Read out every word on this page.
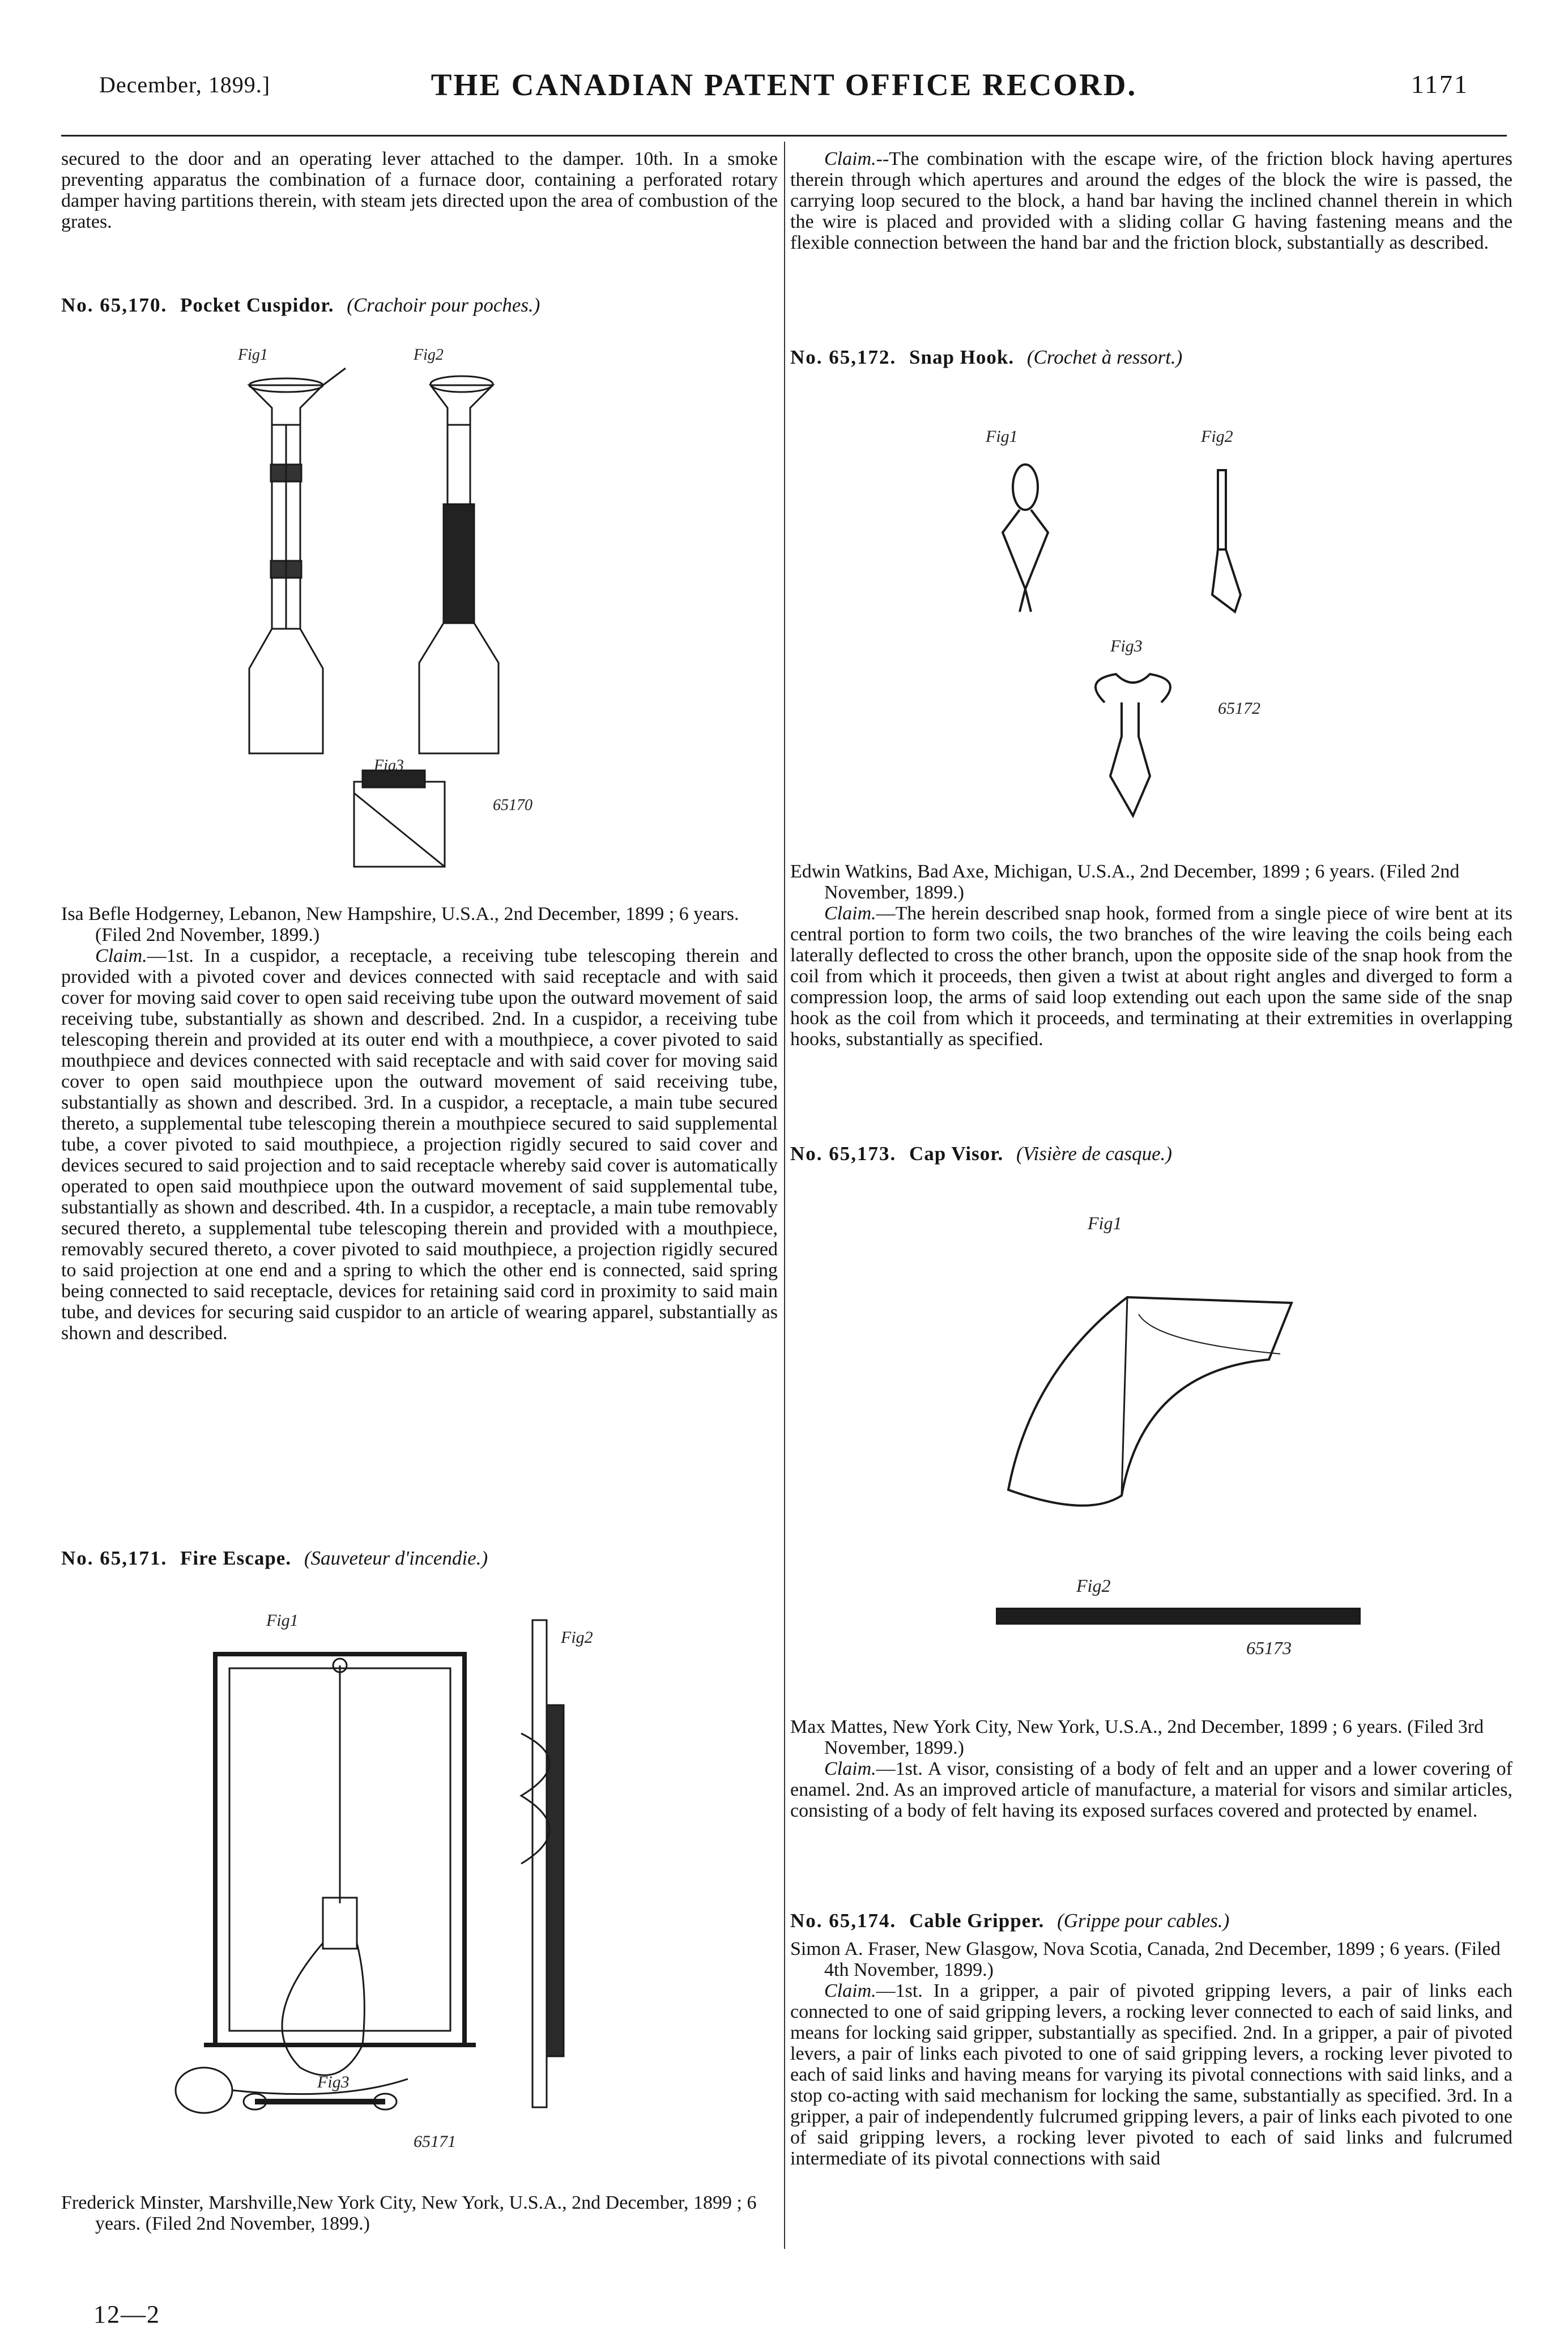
December, 1899.]	THE CANADIAN PATENT OFFICE RECORD.	1171

secured to the door and an operating lever attached to the damper. 10th. In a smoke preventing apparatus the combination of a furnace door, containing a perforated rotary damper having partitions therein, with steam jets directed upon the area of combustion of the grates.

No. 65,170. Pocket Cuspidor. (Crachoir pour poches.)

Fig1	Fig2
Fig3
65170

Isa Befle Hodgerney, Lebanon, New Hampshire, U.S.A., 2nd December, 1899 ; 6 years. (Filed 2nd November, 1899.)

Claim.—1st. In a cuspidor, a receptacle, a receiving tube telescoping therein and provided with a pivoted cover and devices connected with said receptacle and with said cover for moving said cover to open said receiving tube upon the outward movement of said receiving tube, substantially as shown and described. 2nd. In a cuspidor, a receiving tube telescoping therein and provided at its outer end with a mouthpiece, a cover pivoted to said mouthpiece and devices connected with said receptacle and with said cover for moving said cover to open said mouthpiece upon the outward movement of said receiving tube, substantially as shown and described. 3rd. In a cuspidor, a receptacle, a main tube secured thereto, a supplemental tube telescoping therein a mouthpiece secured to said supplemental tube, a cover pivoted to said mouthpiece, a projection rigidly secured to said cover and devices secured to said projection and to said receptacle whereby said cover is automatically operated to open said mouthpiece upon the outward movement of said supplemental tube, substantially as shown and described. 4th. In a cuspidor, a receptacle, a main tube removably secured thereto, a supplemental tube telescoping therein and provided with a mouthpiece, removably secured thereto, a cover pivoted to said mouthpiece, a projection rigidly secured to said projection at one end and a spring to which the other end is connected, said spring being connected to said receptacle, devices for retaining said cord in proximity to said main tube, and devices for securing said cuspidor to an article of wearing apparel, substantially as shown and described.

No. 65,171. Fire Escape. (Sauveteur d'incendie.)

Fig1
Fig2
Fig3
65171

Frederick Minster, Marshville,New York City, New York, U.S.A., 2nd December, 1899 ; 6 years. (Filed 2nd November, 1899.)

12—2

Claim.--The combination with the escape wire, of the friction block having apertures therein through which apertures and around the edges of the block the wire is passed, the carrying loop secured to the block, a hand bar having the inclined channel therein in which the wire is placed and provided with a sliding collar G having fastening means and the flexible connection between the hand bar and the friction block, substantially as described.

No. 65,172. Snap Hook. (Crochet à ressort.)

Fig1	Fig2
Fig3
65172

Edwin Watkins, Bad Axe, Michigan, U.S.A., 2nd December, 1899 ; 6 years. (Filed 2nd November, 1899.)

Claim.—The herein described snap hook, formed from a single piece of wire bent at its central portion to form two coils, the two branches of the wire leaving the coils being each laterally deflected to cross the other branch, upon the opposite side of the snap hook from the coil from which it proceeds, then given a twist at about right angles and diverged to form a compression loop, the arms of said loop extending out each upon the same side of the snap hook as the coil from which it proceeds, and terminating at their extremities in overlapping hooks, substantially as specified.

No. 65,173. Cap Visor. (Visière de casque.)

Fig1
Fig2
65173

Max Mattes, New York City, New York, U.S.A., 2nd December, 1899 ; 6 years. (Filed 3rd November, 1899.)

Claim.—1st. A visor, consisting of a body of felt and an upper and a lower covering of enamel. 2nd. As an improved article of manufacture, a material for visors and similar articles, consisting of a body of felt having its exposed surfaces covered and protected by enamel.

No. 65,174. Cable Gripper. (Grippe pour cables.)

Simon A. Fraser, New Glasgow, Nova Scotia, Canada, 2nd December, 1899 ; 6 years. (Filed 4th November, 1899.)

Claim.—1st. In a gripper, a pair of pivoted gripping levers, a pair of links each connected to one of said gripping levers, a rocking lever connected to each of said links, and means for locking said gripper, substantially as specified. 2nd. In a gripper, a pair of pivoted levers, a pair of links each pivoted to one of said gripping levers, a rocking lever pivoted to each of said links and having means for varying its pivotal connections with said links, and a stop co-acting with said mechanism for locking the same, substantially as specified. 3rd. In a gripper, a pair of independently fulcrumed gripping levers, a pair of links each pivoted to one of said gripping levers, a rocking lever pivoted to each of said links and fulcrumed intermediate of its pivotal connections with said
